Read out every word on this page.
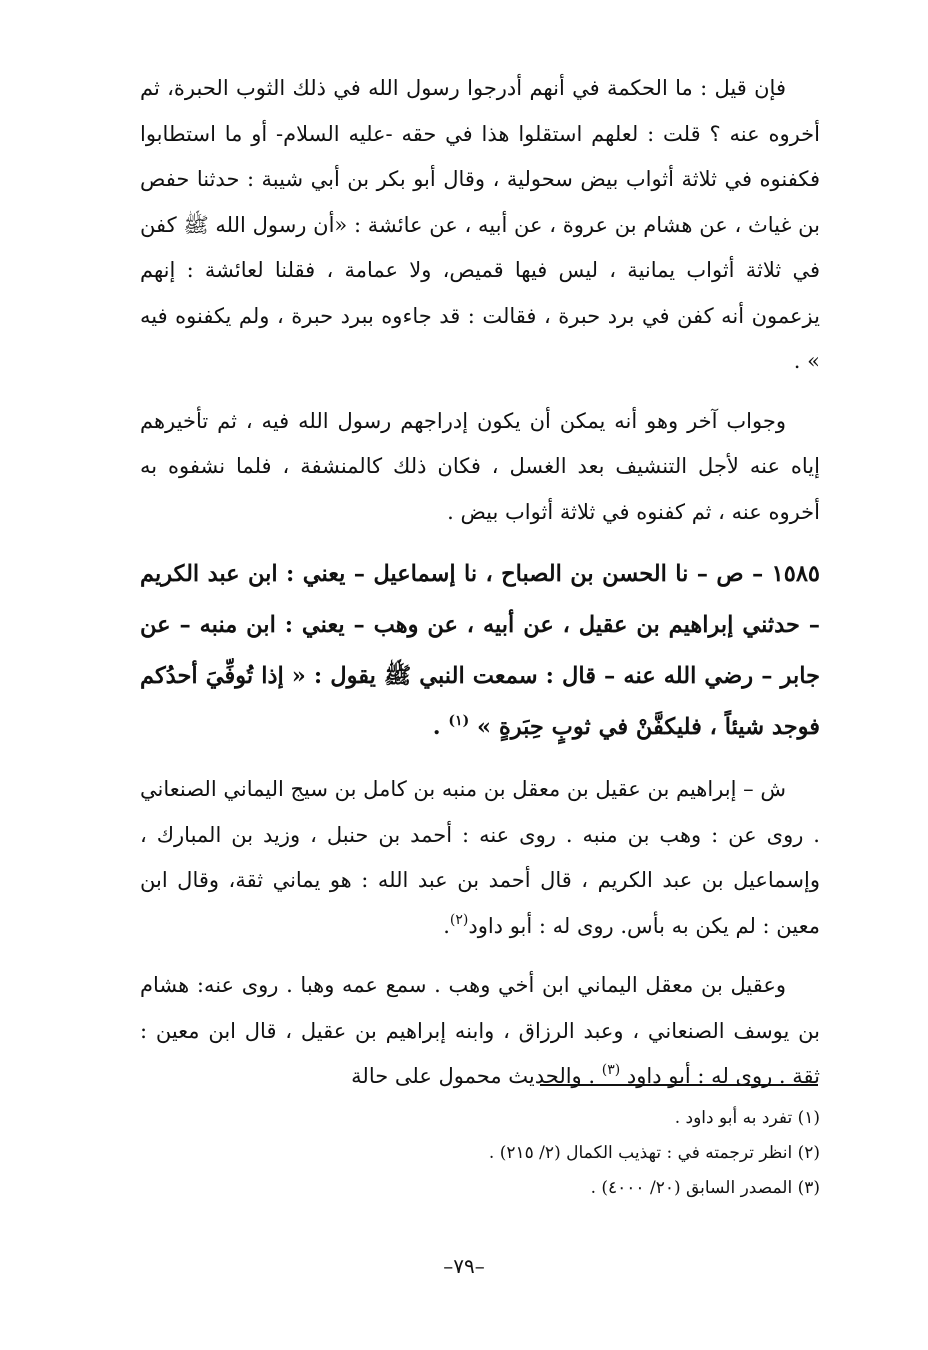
فإن قيل : ما الحكمة في أنهم أدرجوا رسول الله في ذلك الثوب الحبرة، ثم أخروه عنه ؟ قلت : لعلهم استقلوا هذا في حقه -عليه السلام- أو ما استطابوا فكفنوه في ثلاثة أثواب بيض سحولية ، وقال أبو بكر بن أبي شيبة : حدثنا حفص بن غياث ، عن هشام بن عروة ، عن أبيه ، عن عائشة : «أن رسول الله ﷺ كفن في ثلاثة أثواب يمانية ، ليس فيها قميص، ولا عمامة ، فقلنا لعائشة : إنهم يزعمون أنه كفن في برد حبرة ، فقالت : قد جاءوه ببرد حبرة ، ولم يكفنوه فيه » .

وجواب آخر وهو أنه يمكن أن يكون إدراجهم رسول الله فيه ، ثم تأخيرهم إياه عنه لأجل التنشيف بعد الغسل ، فكان ذلك كالمنشفة ، فلما نشفوه به أخروه عنه ، ثم كفنوه في ثلاثة أثواب بيض .

١٥٨٥ – ص – نا الحسن بن الصباح ، نا إسماعيل – يعني : ابن عبد الكريم – حدثني إبراهيم بن عقيل ، عن أبيه ، عن وهب – يعني : ابن منبه – عن جابر – رضي الله عنه – قال : سمعت النبي ﷺ يقول : « إذا تُوفِّيَ أحدُكم فوجد شيئاً ، فليكفَّنْ في ثوبٍ حِبَرةٍ » $^{(١)}$ .

ش – إبراهيم بن عقيل بن معقل بن منبه بن كامل بن سيج اليماني الصنعاني . روى عن : وهب بن منبه . روى عنه : أحمد بن حنبل ، وزيد بن المبارك ، وإسماعيل بن عبد الكريم ، قال أحمد بن عبد الله : هو يماني ثقة، وقال ابن معين : لم يكن به بأس. روى له : أبو داود$^{(٢)}$.

وعقيل بن معقل اليماني ابن أخي وهب . سمع عمه وهبا . روى عنه: هشام بن يوسف الصنعاني ، وعبد الرزاق ، وابنه إبراهيم بن عقيل ، قال ابن معين : ثقة . روى له : أبو داود $^{(٣)}$ . والحديث محمول على حالة

(١) تفرد به أبو داود .

(٢) انظر ترجمته في : تهذيب الكمال (٢/ ٢١٥) .

(٣) المصدر السابق (٢٠/ ٤٠٠٠) .

–٧٩–
